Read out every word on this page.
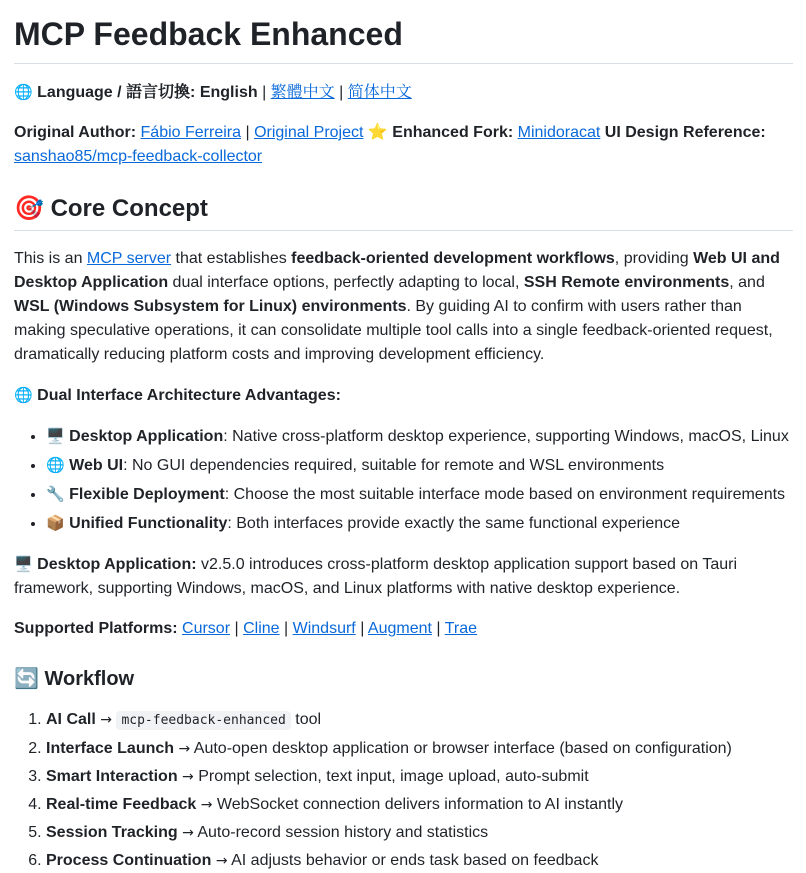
MCP Feedback Enhanced

🌐 Language / 語言切換: English | 繁體中文 | 简体中文

Original Author: Fábio Ferreira | Original Project ⭐ Enhanced Fork: Minidoracat UI Design Reference: sanshao85/mcp-feedback-collector

🎯 Core Concept

This is an MCP server that establishes feedback-oriented development workflows, providing Web UI and Desktop Application dual interface options, perfectly adapting to local, SSH Remote environments, and WSL (Windows Subsystem for Linux) environments. By guiding AI to confirm with users rather than making speculative operations, it can consolidate multiple tool calls into a single feedback-oriented request, dramatically reducing platform costs and improving development efficiency.

🌐 Dual Interface Architecture Advantages:

• 🖥️ Desktop Application: Native cross-platform desktop experience, supporting Windows, macOS, Linux
• 🌐 Web UI: No GUI dependencies required, suitable for remote and WSL environments
• 🔧 Flexible Deployment: Choose the most suitable interface mode based on environment requirements
• 📦 Unified Functionality: Both interfaces provide exactly the same functional experience

🖥️ Desktop Application: v2.5.0 introduces cross-platform desktop application support based on Tauri framework, supporting Windows, macOS, and Linux platforms with native desktop experience.

Supported Platforms: Cursor | Cline | Windsurf | Augment | Trae

🔄 Workflow
1. AI Call → mcp-feedback-enhanced tool
2. Interface Launch → Auto-open desktop application or browser interface (based on configuration)
3. Smart Interaction → Prompt selection, text input, image upload, auto-submit
4. Real-time Feedback → WebSocket connection delivers information to AI instantly
5. Session Tracking → Auto-record session history and statistics
6. Process Continuation → AI adjusts behavior or ends task based on feedback
